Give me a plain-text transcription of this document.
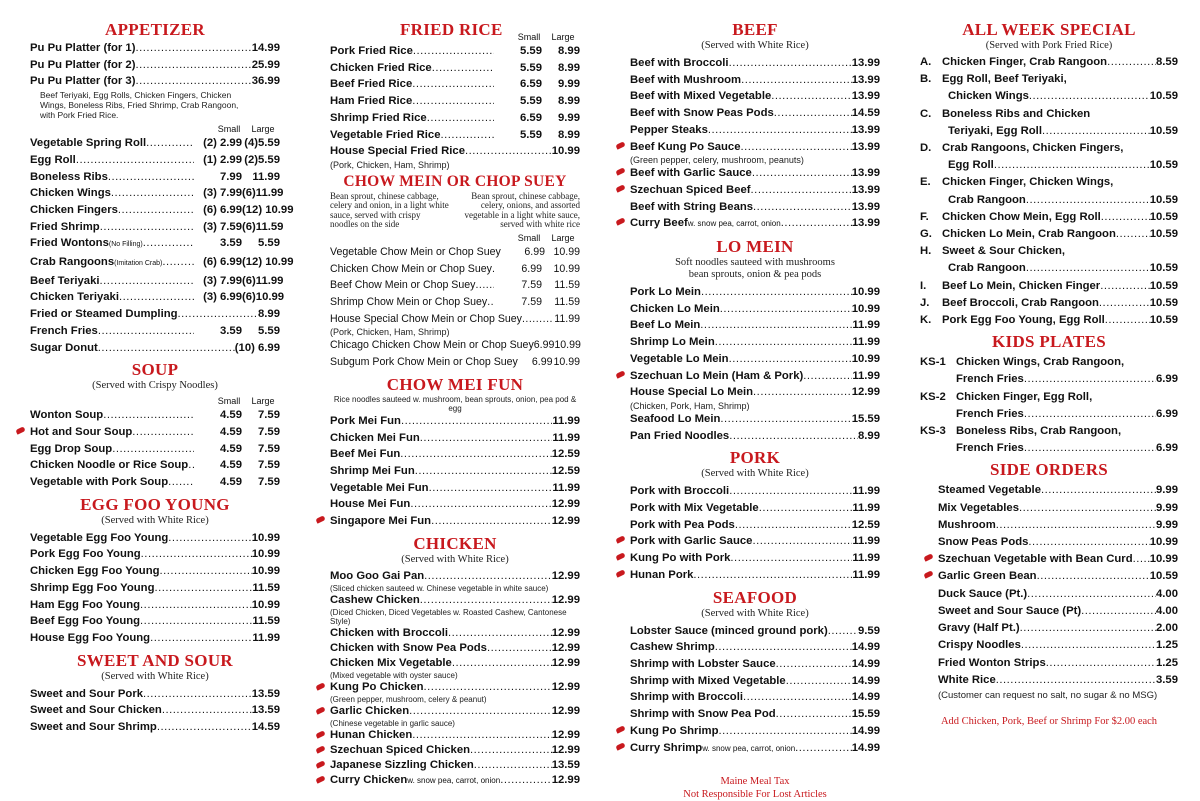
APPETIZER
Pu Pu Platter (for 1) .....	14.99
Pu Pu Platter (for 2) .....	25.99
Pu Pu Platter (for 3) .....	36.99
Beef Teriyaki, Egg Rolls, Chicken Fingers, Chicken Wings, Boneless Ribs, Fried Shrimp, Crab Rangoon, with Pork Fried Rice.
Small	Large
Vegetable Spring Roll .....	(2) 2.99 (4)5.59
Egg Roll .....	(1) 2.99 (2)5.59
Boneless Ribs .....	7.99 11.99
Chicken Wings .....	(3) 7.99 (6)11.99
Chicken Fingers .....	(6) 6.99 (12) 10.99
Fried Shrimp .....	(3) 7.59 (6)11.59
Fried Wontons (No Filling) .....	3.59	5.59
Crab Rangoons (Imitation Crab) .....	(6) 6.99 (12) 10.99
Beef Teriyaki .....	(3) 7.99 (6)11.99
Chicken Teriyaki .....	(3) 6.99 (6)10.99
Fried or Steamed Dumpling .....	8.99
French Fries .....	3.59	5.59
Sugar Donut .....	(10) 6.99
SOUP
(Served with Crispy Noodles)
Small	Large
Wonton Soup .....	4.59	7.59
Hot and Sour Soup .....	4.59	7.59
Egg Drop Soup .....	4.59	7.59
Chicken Noodle or Rice Soup .....	4.59	7.59
Vegetable with Pork Soup .....	4.59	7.59
EGG FOO YOUNG
(Served with White Rice)
Vegetable Egg Foo Young .....	10.99
Pork Egg Foo Young .....	10.99
Chicken Egg Foo Young .....	10.99
Shrimp Egg Foo Young .....	11.59
Ham Egg Foo Young .....	10.99
Beef Egg Foo Young .....	11.59
House Egg Foo Young .....	11.99
SWEET AND SOUR
(Served with White Rice)
Sweet and Sour Pork .....	13.59
Sweet and Sour Chicken .....	13.59
Sweet and Sour Shrimp .....	14.59
FRIED RICE	Small	Large
Pork Fried Rice .....	5.59	8.99
Chicken Fried Rice .....	5.59	8.99
Beef Fried Rice .....	6.59	9.99
Ham Fried Rice .....	5.59	8.99
Shrimp Fried Rice .....	6.59	9.99
Vegetable Fried Rice .....	5.59	8.99
House Special Fried Rice .....	10.99
(Pork, Chicken, Ham, Shrimp)
CHOW MEIN OR CHOP SUEY
Bean sprout, chinese cabbage, celery and onion, in a light white sauce, served with crispy noodles on the side
Bean sprout, chinese cabbage, celery, onions, and assorted vegetable in a light white sauce, served with white rice
Small	Large
Vegetable Chow Mein or Chop Suey	6.99 10.99
Chicken Chow Mein or Chop Suey .....	6.99	10.99
Beef Chow Mein or Chop Suey .....	7.59	11.59
Shrimp Chow Mein or Chop Suey .....	7.59	11.59
House Special Chow Mein or Chop Suey .....	11.99
(Pork, Chicken, Ham, Shrimp)
Chicago Chicken Chow Mein or Chop Suey 6.99 10.99
Subgum Pork Chow Mein or Chop Suey	6.99 10.99
CHOW MEI FUN
Rice noodles sauteed w. mushroom, bean sprouts, onion, pea pod & egg
Pork Mei Fun .....	11.99
Chicken Mei Fun .....	11.99
Beef Mei Fun .....	12.59
Shrimp Mei Fun .....	12.59
Vegetable Mei Fun .....	11.99
House Mei Fun .....	12.99
Singapore Mei Fun .....	12.99
CHICKEN
(Served with White Rice)
Moo Goo Gai Pan .....	12.99
(Sliced chicken sauteed w. Chinese vegetable in white sauce)
Cashew Chicken .....	12.99
(Diced Chicken, Diced Vegetables w. Roasted Cashew, Cantonese Style)
Chicken with Broccoli .....	12.99
Chicken with Snow Pea Pods .....	12.99
Chicken Mix Vegetable .....	12.99
(Mixed vegetable with oyster sauce)
Kung Po Chicken .....	12.99
(Green pepper, mushroom, celery & peanut)
Garlic Chicken .....	12.99
(Chinese vegetable in garlic sauce)
Hunan Chicken .....	12.99
Szechuan Spiced Chicken .....	12.99
Japanese Sizzling Chicken .....	13.59
Curry Chicken w. snow pea, carrot, onion .....	12.99
BEEF
(Served with White Rice)
Beef with Broccoli .....	13.99
Beef with Mushroom .....	13.99
Beef with Mixed Vegetable .....	13.99
Beef with Snow Peas Pods .....	14.59
Pepper Steaks .....	13.99
Beef Kung Po Sauce .....	13.99
(Green pepper, celery, mushroom, peanuts)
Beef with Garlic Sauce .....	13.99
Szechuan Spiced Beef .....	13.99
Beef with String Beans .....	13.99
Curry Beef w. snow pea, carrot, onion .....	13.99
LO MEIN
Soft noodles sauteed with mushrooms bean sprouts, onion & pea pods
Pork Lo Mein .....	10.99
Chicken Lo Mein .....	10.99
Beef Lo Mein .....	11.99
Shrimp Lo Mein .....	11.99
Vegetable Lo Mein .....	10.99
Szechuan Lo Mein (Ham & Pork) .....	11.99
House Special Lo Mein .....	12.99
(Chicken, Pork, Ham, Shrimp)
Seafood Lo Mein .....	15.59
Pan Fried Noodles .....	8.99
PORK
(Served with White Rice)
Pork with Broccoli .....	11.99
Pork with Mix Vegetable .....	11.99
Pork with Pea Pods .....	12.59
Pork with Garlic Sauce .....	11.99
Kung Po with Pork .....	11.99
Hunan Pork .....	11.99
SEAFOOD
(Served with White Rice)
Lobster Sauce (minced ground pork) .....	9.59
Cashew Shrimp .....	14.99
Shrimp with Lobster Sauce .....	14.99
Shrimp with Mixed Vegetable .....	14.99
Shrimp with Broccoli .....	14.99
Shrimp with Snow Pea Pod .....	15.59
Kung Po Shrimp .....	14.99
Curry Shrimp w. snow pea, carrot, onion .....	14.99
Maine Meal Tax
Not Responsible For Lost Articles
ALL WEEK SPECIAL
(Served with Pork Fried Rice)
A. Chicken Finger, Crab Rangoon .....	8.59
B. Egg Roll, Beef Teriyaki,
Chicken Wings .....	10.59
C. Boneless Ribs and Chicken
Teriyaki, Egg Roll .....	10.59
D. Crab Rangoons, Chicken Fingers,
Egg Roll .....	10.59
E.	Chicken Finger, Chicken Wings,
Crab Rangoon .....	10.59
F.	Chicken Chow Mein, Egg Roll .....	10.59
G. Chicken Lo Mein, Crab Rangoon .....	10.59
H. Sweet & Sour Chicken,
Crab Rangoon .....	10.59
I.	Beef Lo Mein, Chicken Finger .....	10.59
J.	Beef Broccoli, Crab Rangoon .....	10.59
K. Pork Egg Foo Young, Egg Roll .....	10.59
KIDS PLATES
KS-1 Chicken Wings, Crab Rangoon,
French Fries .....	6.99
KS-2 Chicken Finger, Egg Roll,
French Fries .....	6.99
KS-3 Boneless Ribs, Crab Rangoon,
French Fries .....	6.99
SIDE ORDERS
Steamed Vegetable .....	9.99
Mix Vegetables .....	9.99
Mushroom .....	9.99
Snow Peas Pods .....	10.99
Szechuan Vegetable with Bean Curd ..... 10.99
Garlic Green Bean .....	10.59
Duck Sauce (Pt.) .....	4.00
Sweet and Sour Sauce (Pt) .....	4.00
Gravy (Half Pt.) .....	2.00
Crispy Noodles .....	1.25
Fried Wonton Strips .....	1.25
White Rice .....	3.59
(Customer can request no salt, no sugar & no MSG)
Add Chicken, Pork, Beef or Shrimp For $2.00 each
